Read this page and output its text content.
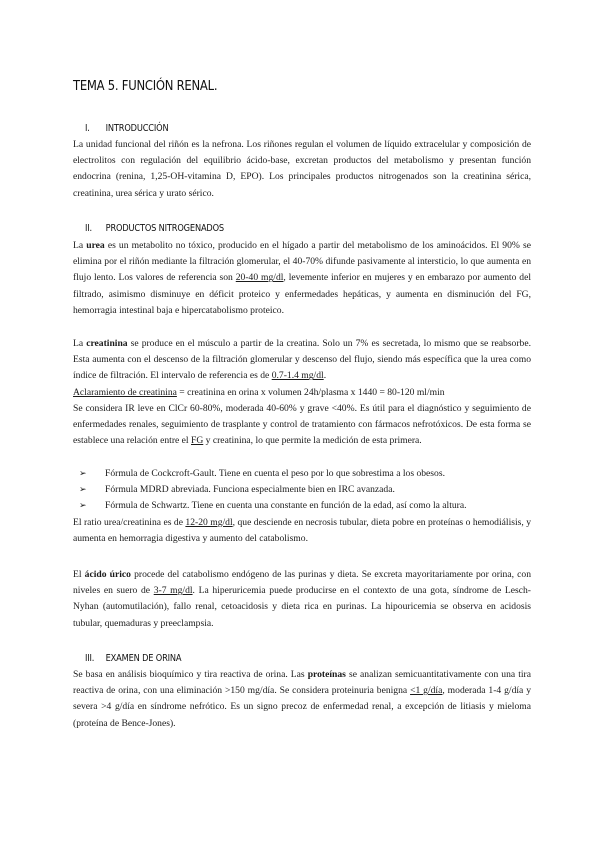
TEMA 5. FUNCIÓN RENAL.
I. INTRODUCCIÓN

La unidad funcional del riñón es la nefrona. Los riñones regulan el volumen de líquido extracelular y composición de electrolitos con regulación del equilibrio ácido-base, excretan productos del metabolismo y presentan función endocrina (renina, 1,25-OH-vitamina D, EPO). Los principales productos nitrogenados son la creatinina sérica, creatinina, urea sérica y urato sérico.

II. PRODUCTOS NITROGENADOS

La urea es un metabolito no tóxico, producido en el hígado a partir del metabolismo de los aminoácidos. El 90% se elimina por el riñón mediante la filtración glomerular, el 40-70% difunde pasivamente al intersticio, lo que aumenta en flujo lento. Los valores de referencia son 20-40 mg/dl, levemente inferior en mujeres y en embarazo por aumento del filtrado, asimismo disminuye en déficit proteico y enfermedades hepáticas, y aumenta en disminución del FG, hemorragia intestinal baja e hipercatabolismo proteico.

La creatinina se produce en el músculo a partir de la creatina. Solo un 7% es secretada, lo mismo que se reabsorbe. Esta aumenta con el descenso de la filtración glomerular y descenso del flujo, siendo más específica que la urea como índice de filtración. El intervalo de referencia es de 0.7-1.4 mg/dl.

Aclaramiento de creatinina = creatinina en orina x volumen 24h/plasma x 1440 = 80-120 ml/min

Se considera IR leve en ClCr 60-80%, moderada 40-60% y grave <40%. Es útil para el diagnóstico y seguimiento de enfermedades renales, seguimiento de trasplante y control de tratamiento con fármacos nefrotóxicos. De esta forma se establece una relación entre el FG y creatinina, lo que permite la medición de esta primera.

➢ Fórmula de Cockcroft-Gault. Tiene en cuenta el peso por lo que sobrestima a los obesos.
➢ Fórmula MDRD abreviada. Funciona especialmente bien en IRC avanzada.
➢ Fórmula de Schwartz. Tiene en cuenta una constante en función de la edad, así como la altura.

El ratio urea/creatinina es de 12-20 mg/dl, que desciende en necrosis tubular, dieta pobre en proteínas o hemodiálisis, y aumenta en hemorragia digestiva y aumento del catabolismo.

El ácido úrico procede del catabolismo endógeno de las purinas y dieta. Se excreta mayoritariamente por orina, con niveles en suero de 3-7 mg/dl. La hiperuricemia puede producirse en el contexto de una gota, síndrome de Lesch-Nyhan (automutilación), fallo renal, cetoacidosis y dieta rica en purinas. La hipouricemia se observa en acidosis tubular, quemaduras y preeclampsia.

III. EXAMEN DE ORINA

Se basa en análisis bioquímico y tira reactiva de orina. Las proteínas se analizan semicuantitativamente con una tira reactiva de orina, con una eliminación >150 mg/día. Se considera proteinuria benigna <1 g/día, moderada 1-4 g/día y severa >4 g/día en síndrome nefrótico. Es un signo precoz de enfermedad renal, a excepción de litiasis y mieloma (proteína de Bence-Jones).
